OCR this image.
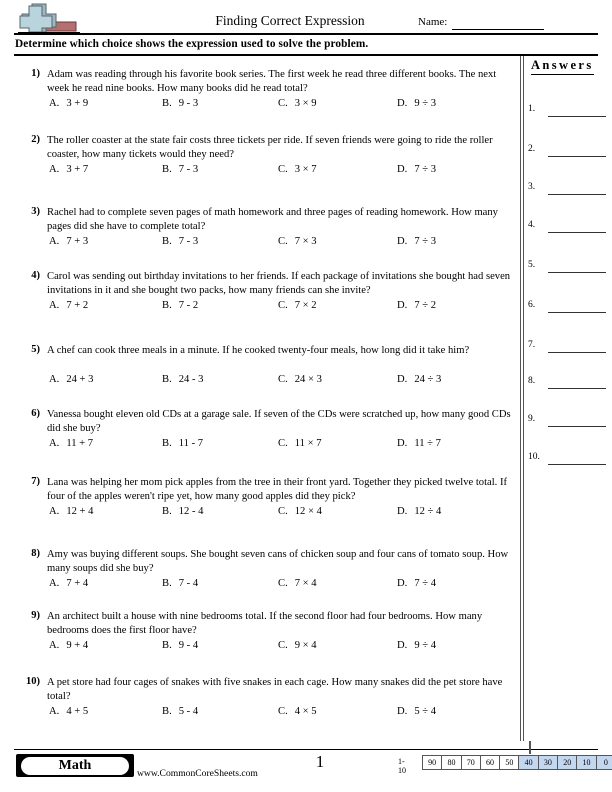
Finding Correct Expression	Name:
Determine which choice shows the expression used to solve the problem.
Answers
1.
2.
3.
4.
5.
6.
7.
8.
9.
10.
1) Adam was reading through his favorite book series. The first week he read three different books. The next week he read nine books. How many books did he read total?
A. 3 + 9	B. 9 - 3	C. 3 × 9	D. 9 ÷ 3
2) The roller coaster at the state fair costs three tickets per ride. If seven friends were going to ride the roller coaster, how many tickets would they need?
A. 3 + 7	B. 7 - 3	C. 3 × 7	D. 7 ÷ 3
3) Rachel had to complete seven pages of math homework and three pages of reading homework. How many pages did she have to complete total?
A. 7 + 3	B. 7 - 3	C. 7 × 3	D. 7 ÷ 3
4) Carol was sending out birthday invitations to her friends. If each package of invitations she bought had seven invitations in it and she bought two packs, how many friends can she invite?
A. 7 + 2	B. 7 - 2	C. 7 × 2	D. 7 ÷ 2
5) A chef can cook three meals in a minute. If he cooked twenty-four meals, how long did it take him?
A. 24 + 3	B. 24 - 3	C. 24 × 3	D. 24 ÷ 3
6) Vanessa bought eleven old CDs at a garage sale. If seven of the CDs were scratched up, how many good CDs did she buy?
A. 11 + 7	B. 11 - 7	C. 11 × 7	D. 11 ÷ 7
7) Lana was helping her mom pick apples from the tree in their front yard. Together they picked twelve total. If four of the apples weren't ripe yet, how many good apples did they pick?
A. 12 + 4	B. 12 - 4	C. 12 × 4	D. 12 ÷ 4
8) Amy was buying different soups. She bought seven cans of chicken soup and four cans of tomato soup. How many soups did she buy?
A. 7 + 4	B. 7 - 4	C. 7 × 4	D. 7 ÷ 4
9) An architect built a house with nine bedrooms total. If the second floor had four bedrooms. How many bedrooms does the first floor have?
A. 9 + 4	B. 9 - 4	C. 9 × 4	D. 9 ÷ 4
10) A pet store had four cages of snakes with five snakes in each cage. How many snakes did the pet store have total?
A. 4 + 5	B. 5 - 4	C. 4 × 5	D. 5 ÷ 4
Math
www.CommonCoreSheets.com
1	1-10
90	80	70	60	50	40	30	20	10	0
